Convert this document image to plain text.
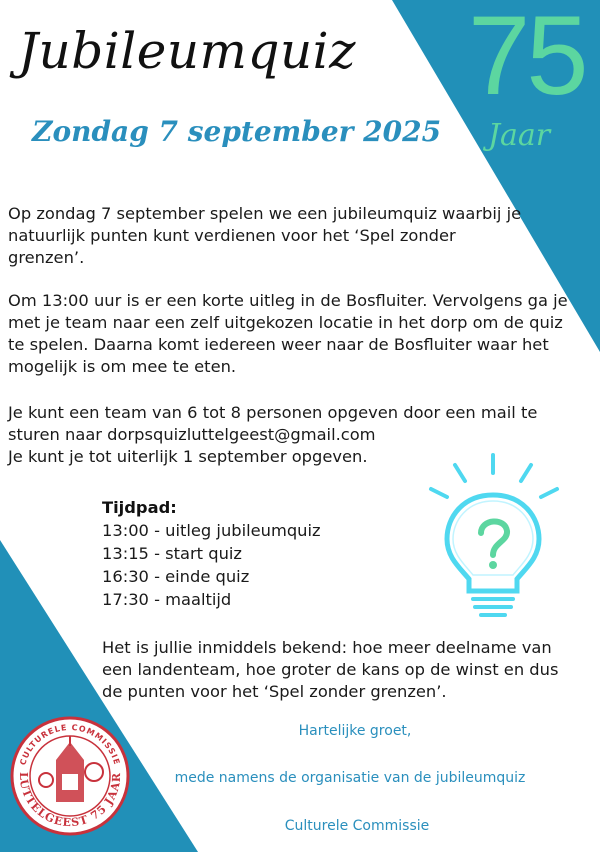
Jubileumquiz
Zondag 7 september 2025
75
Jaar

Op zondag 7 september spelen we een jubileumquiz waarbij je natuurlijk punten kunt verdienen voor het ‘Spel zonder grenzen’.

Om 13:00 uur is er een korte uitleg in de Bosfluiter. Vervolgens ga je met je team naar een zelf uitgekozen locatie in het dorp om de quiz te spelen. Daarna komt iedereen weer naar de Bosfluiter waar het mogelijk is om mee te eten.

Je kunt een team van 6 tot 8 personen opgeven door een mail te sturen naar dorpsquizluttelgeest@gmail.com
Je kunt je tot uiterlijk 1 september opgeven.

Tijdpad:

13:00 - uitleg jubileumquiz
13:15 - start quiz
16:30 - einde quiz
17:30 - maaltijd

Het is jullie inmiddels bekend: hoe meer deelname van een landenteam, hoe groter de kans op de winst en dus de punten voor het ‘Spel zonder grenzen’.

Hartelijke groet,

mede namens de organisatie van de jubileumquiz

Culturele Commissie

CULTURELE COMMISSIE
LUTTELGEEST 75 JAAR
